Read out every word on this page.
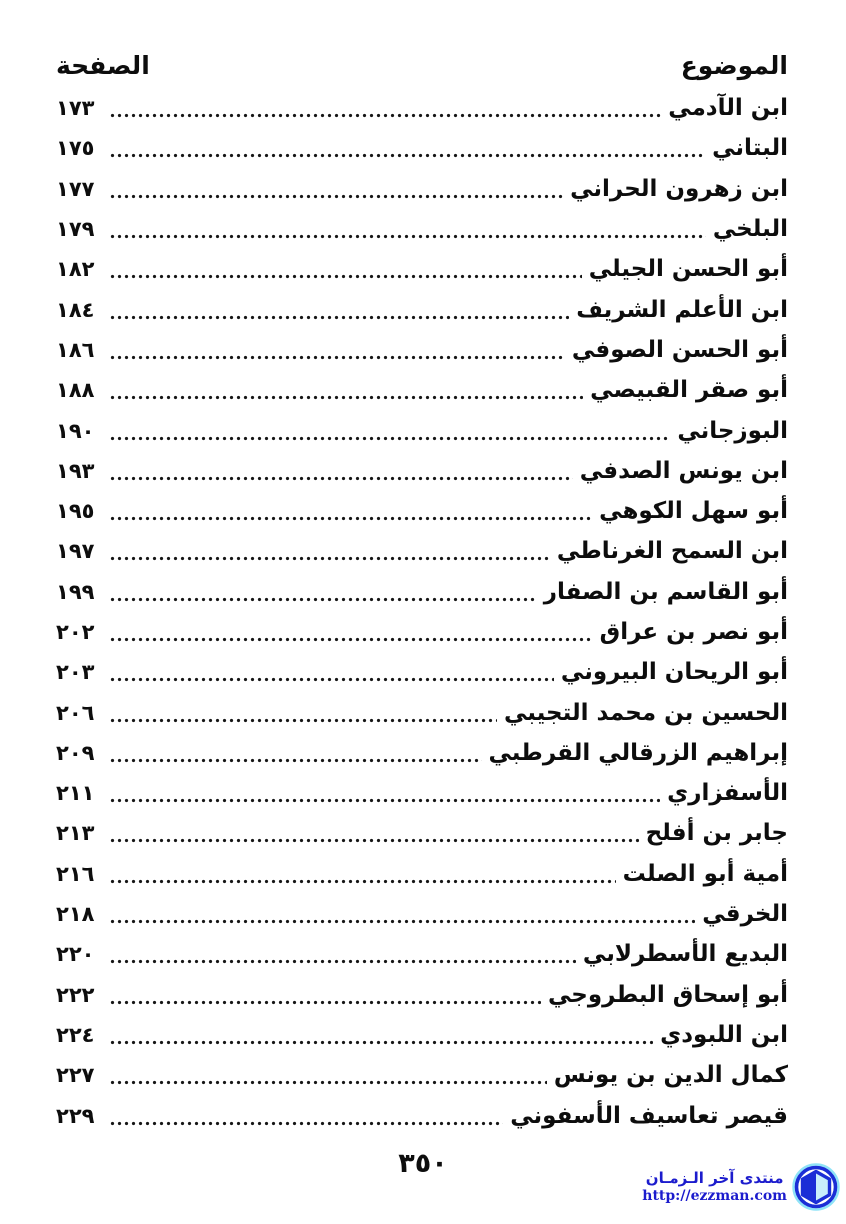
الموضوع
الصفحة
ابن الآدمي
١٧٣
البتاني
١٧٥
ابن زهرون الحراني
١٧٧
البلخي
١٧٩
أبو الحسن الجيلي
١٨٢
ابن الأعلم الشريف
١٨٤
أبو الحسن الصوفي
١٨٦
أبو صقر القبيصي
١٨٨
البوزجاني
١٩٠
ابن يونس الصدفي
١٩٣
أبو سهل الكوهي
١٩٥
ابن السمح الغرناطي
١٩٧
أبو القاسم بن الصفار
١٩٩
أبو نصر بن عراق
٢٠٢
أبو الريحان البيروني
٢٠٣
الحسين بن محمد التجيبي
٢٠٦
إبراهيم الزرقالي القرطبي
٢٠٩
الأسفزاري
٢١١
جابر بن أفلح
٢١٣
أمية أبو الصلت
٢١٦
الخرقي
٢١٨
البديع الأسطرلابي
٢٢٠
أبو إسحاق البطروجي
٢٢٢
ابن اللبودي
٢٢٤
كمال الدين بن يونس
٢٢٧
قيصر تعاسيف الأسفوني
٢٢٩
٣٥٠	منتدى آخر الـزمـان
http://ezzman.com
